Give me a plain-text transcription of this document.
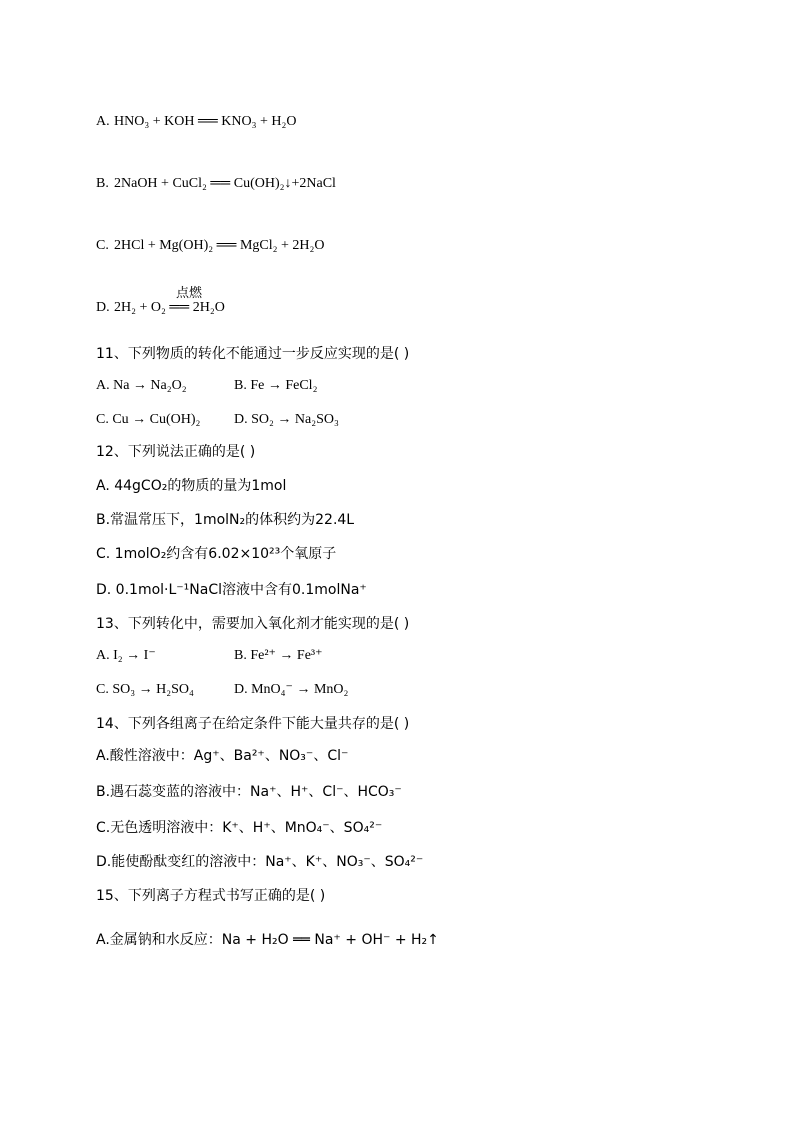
A. HNO₃ + KOH ══ KNO₃ + H₂O
B. 2NaOH + CuCl₂ ══ Cu(OH)₂↓+2NaCl
C. 2HCl + Mg(OH)₂ ══ MgCl₂ + 2H₂O
D.
点燃
2H₂ + O₂ ══ 2H₂O
11、下列物质的转化不能通过一步反应实现的是( )
A. Na → Na₂O₂	B. Fe → FeCl₂
C. Cu → Cu(OH)₂ D. SO₂ → Na₂SO₃
12、下列说法正确的是( )
A. 44gCO₂的物质的量为1mol
B.常温常压下，1molN₂的体积约为22.4L
C. 1molO₂约含有6.02×10²³个氧原子
D. 0.1mol·L⁻¹NaCl溶液中含有0.1molNa⁺
13、下列转化中，需要加入氧化剂才能实现的是( )
A. I₂ → I⁻	B. Fe²⁺ → Fe³⁺
C. SO₃ → H₂SO₄	D. MnO₄⁻ → MnO₂
14、下列各组离子在给定条件下能大量共存的是( )
A.酸性溶液中：Ag⁺、Ba²⁺、NO₃⁻、Cl⁻
B.遇石蕊变蓝的溶液中：Na⁺、H⁺、Cl⁻、HCO₃⁻
C.无色透明溶液中：K⁺、H⁺、MnO₄⁻、SO₄²⁻
D.能使酚酞变红的溶液中：Na⁺、K⁺、NO₃⁻、SO₄²⁻
15、下列离子方程式书写正确的是( )
A.金属钠和水反应：Na + H₂O ══ Na⁺ + OH⁻ + H₂↑
